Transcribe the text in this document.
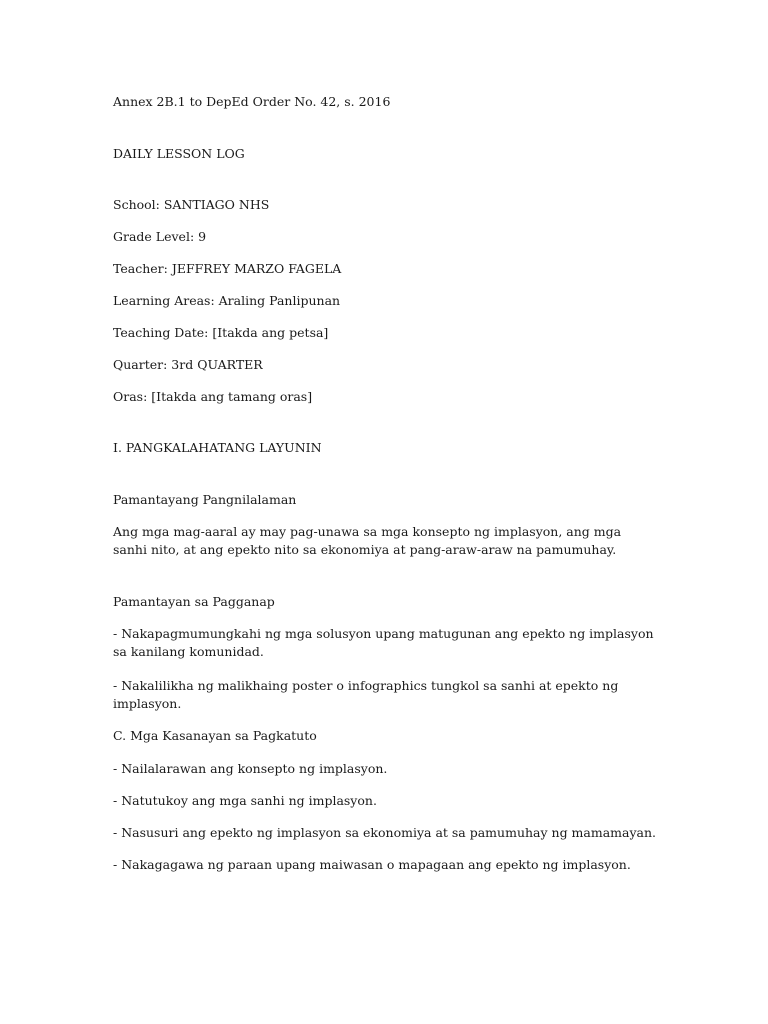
Annex 2B.1 to DepEd Order No. 42, s. 2016

DAILY LESSON LOG

School: SANTIAGO NHS

Grade Level: 9

Teacher: JEFFREY MARZO FAGELA

Learning Areas: Araling Panlipunan

Teaching Date: [Itakda ang petsa]

Quarter: 3rd QUARTER

Oras: [Itakda ang tamang oras]

I. PANGKALAHATANG LAYUNIN

Pamantayang Pangnilalaman

Ang mga mag-aaral ay may pag-unawa sa mga konsepto ng implasyon, ang mga sanhi nito, at ang epekto nito sa ekonomiya at pang-araw-araw na pamumuhay.

Pamantayan sa Pagganap

- Nakapagmumungkahi ng mga solusyon upang matugunan ang epekto ng implasyon sa kanilang komunidad.

- Nakalilikha ng malikhaing poster o infographics tungkol sa sanhi at epekto ng implasyon.

C. Mga Kasanayan sa Pagkatuto

- Nailalarawan ang konsepto ng implasyon.

- Natutukoy ang mga sanhi ng implasyon.

- Nasusuri ang epekto ng implasyon sa ekonomiya at sa pamumuhay ng mamamayan.

- Nakagagawa ng paraan upang maiwasan o mapagaan ang epekto ng implasyon.
